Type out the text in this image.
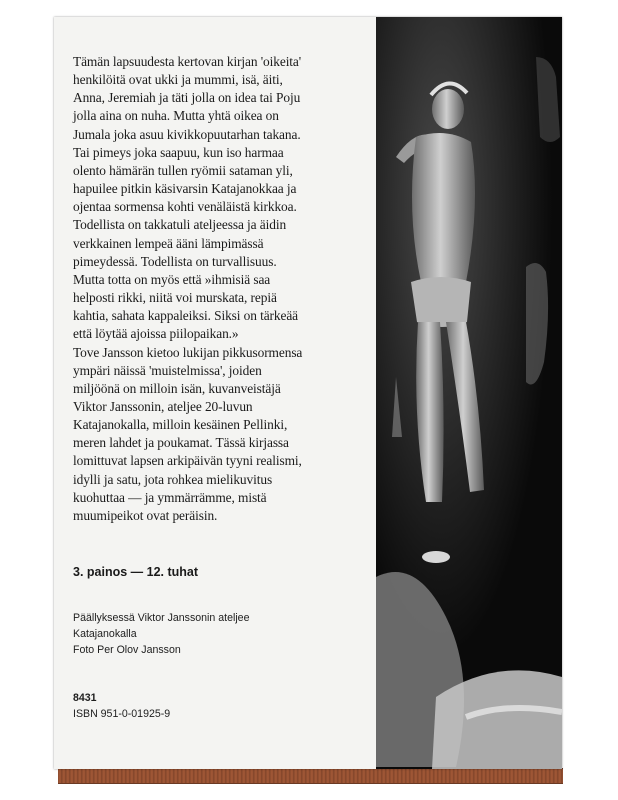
Tämän lapsuudesta kertovan kirjan 'oikeita'
henkilöitä ovat ukki ja mummi, isä, äiti,
Anna, Jeremiah ja täti jolla on idea tai Poju
jolla aina on nuha. Mutta yhtä oikea on
Jumala joka asuu kivikkopuutarhan takana.
Tai pimeys joka saapuu, kun iso harmaa
olento hämärän tullen ryömii sataman yli,
hapuilee pitkin käsivarsin Katajanokkaa ja
ojentaa sormensa kohti venäläistä kirkkoa.
Todellista on takkatuli ateljeessa ja äidin
verkkainen lempeä ääni lämpimässä
pimeydessä. Todellista on turvallisuus.
Mutta totta on myös että »ihmisiä saa
helposti rikki, niitä voi murskata, repiä
kahtia, sahata kappaleiksi. Siksi on tärkeää
että löytää ajoissa piilopaikan.»
Tove Jansson kietoo lukijan pikkusormensa
ympäri näissä 'muistelmissa', joiden
miljöönä on milloin isän, kuvanveistäjä
Viktor Janssonin, ateljee 20-luvun
Katajanokalla, milloin kesäinen Pellinki,
meren lahdet ja poukamat. Tässä kirjassa
lomittuvat lapsen arkipäivän tyyni realismi,
idylli ja satu, jota rohkea mielikuvitus
kuohuttaa — ja ymmärrämme, mistä
muumipeikot ovat peräisin.
3. painos — 12. tuhat
Päällyksessä Viktor Janssonin ateljee
Katajanokalla
Foto Per Olov Jansson
8431
ISBN 951-0-01925-9
